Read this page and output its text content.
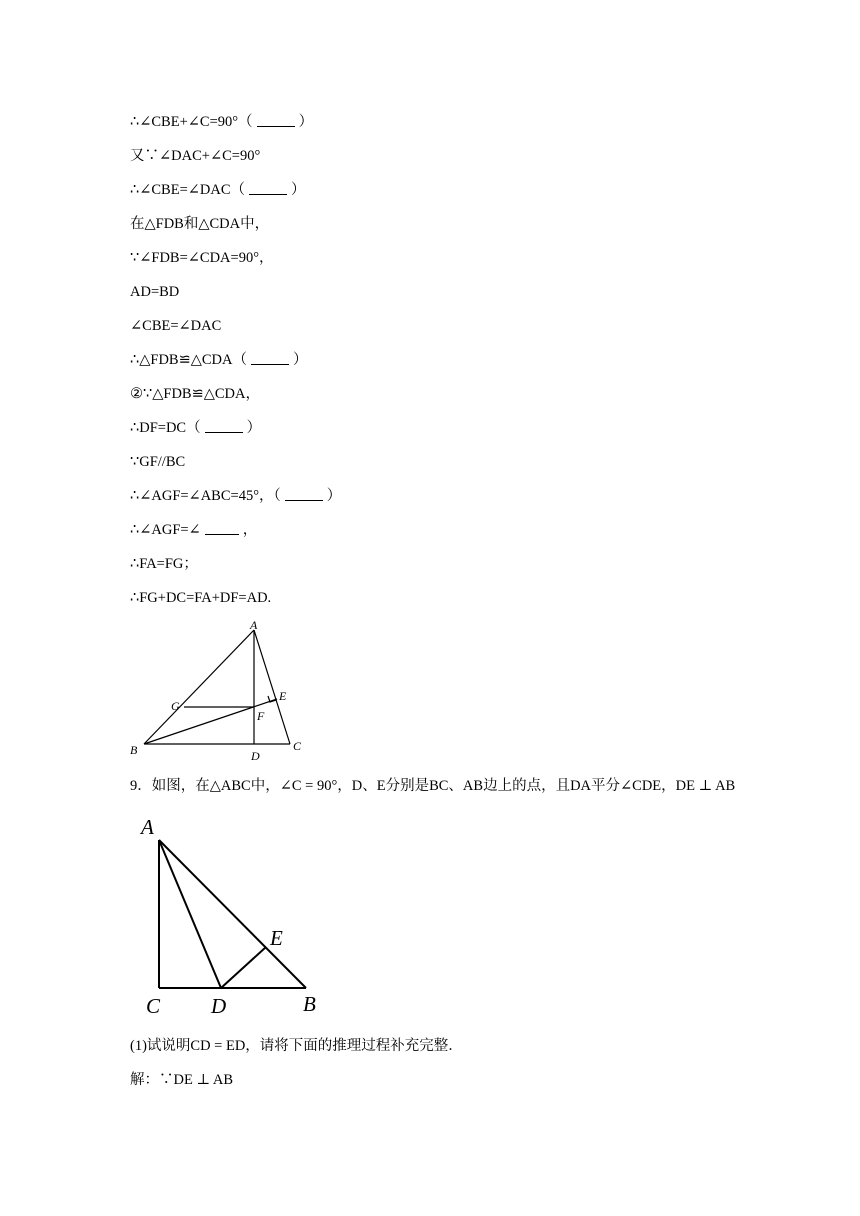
∴∠CBE+∠C=90°（	）
又∵∠DAC+∠C=90°
∴∠CBE=∠DAC（	）
在△FDB和△CDA中，
∵∠FDB=∠CDA=90°，
AD=BD
∠CBE=∠DAC
∴△FDB≌△CDA（	）
②∵△FDB≌△CDA，
∴DF=DC（	）
∵GF//BC
∴∠AGF=∠ABC=45°，（	）
∴∠AGF=∠	，
∴FA=FG；
∴FG+DC=FA+DF=AD.
A
B	C
D
E
F
G
9．如图，在△ABC中，∠C = 90°，D、E分别是BC、AB边上的点，且DA平分∠CDE，DE ⊥ AB
A
C D
E
B
(1)试说明CD = ED，请将下面的推理过程补充完整．
解：∵DE ⊥ AB
